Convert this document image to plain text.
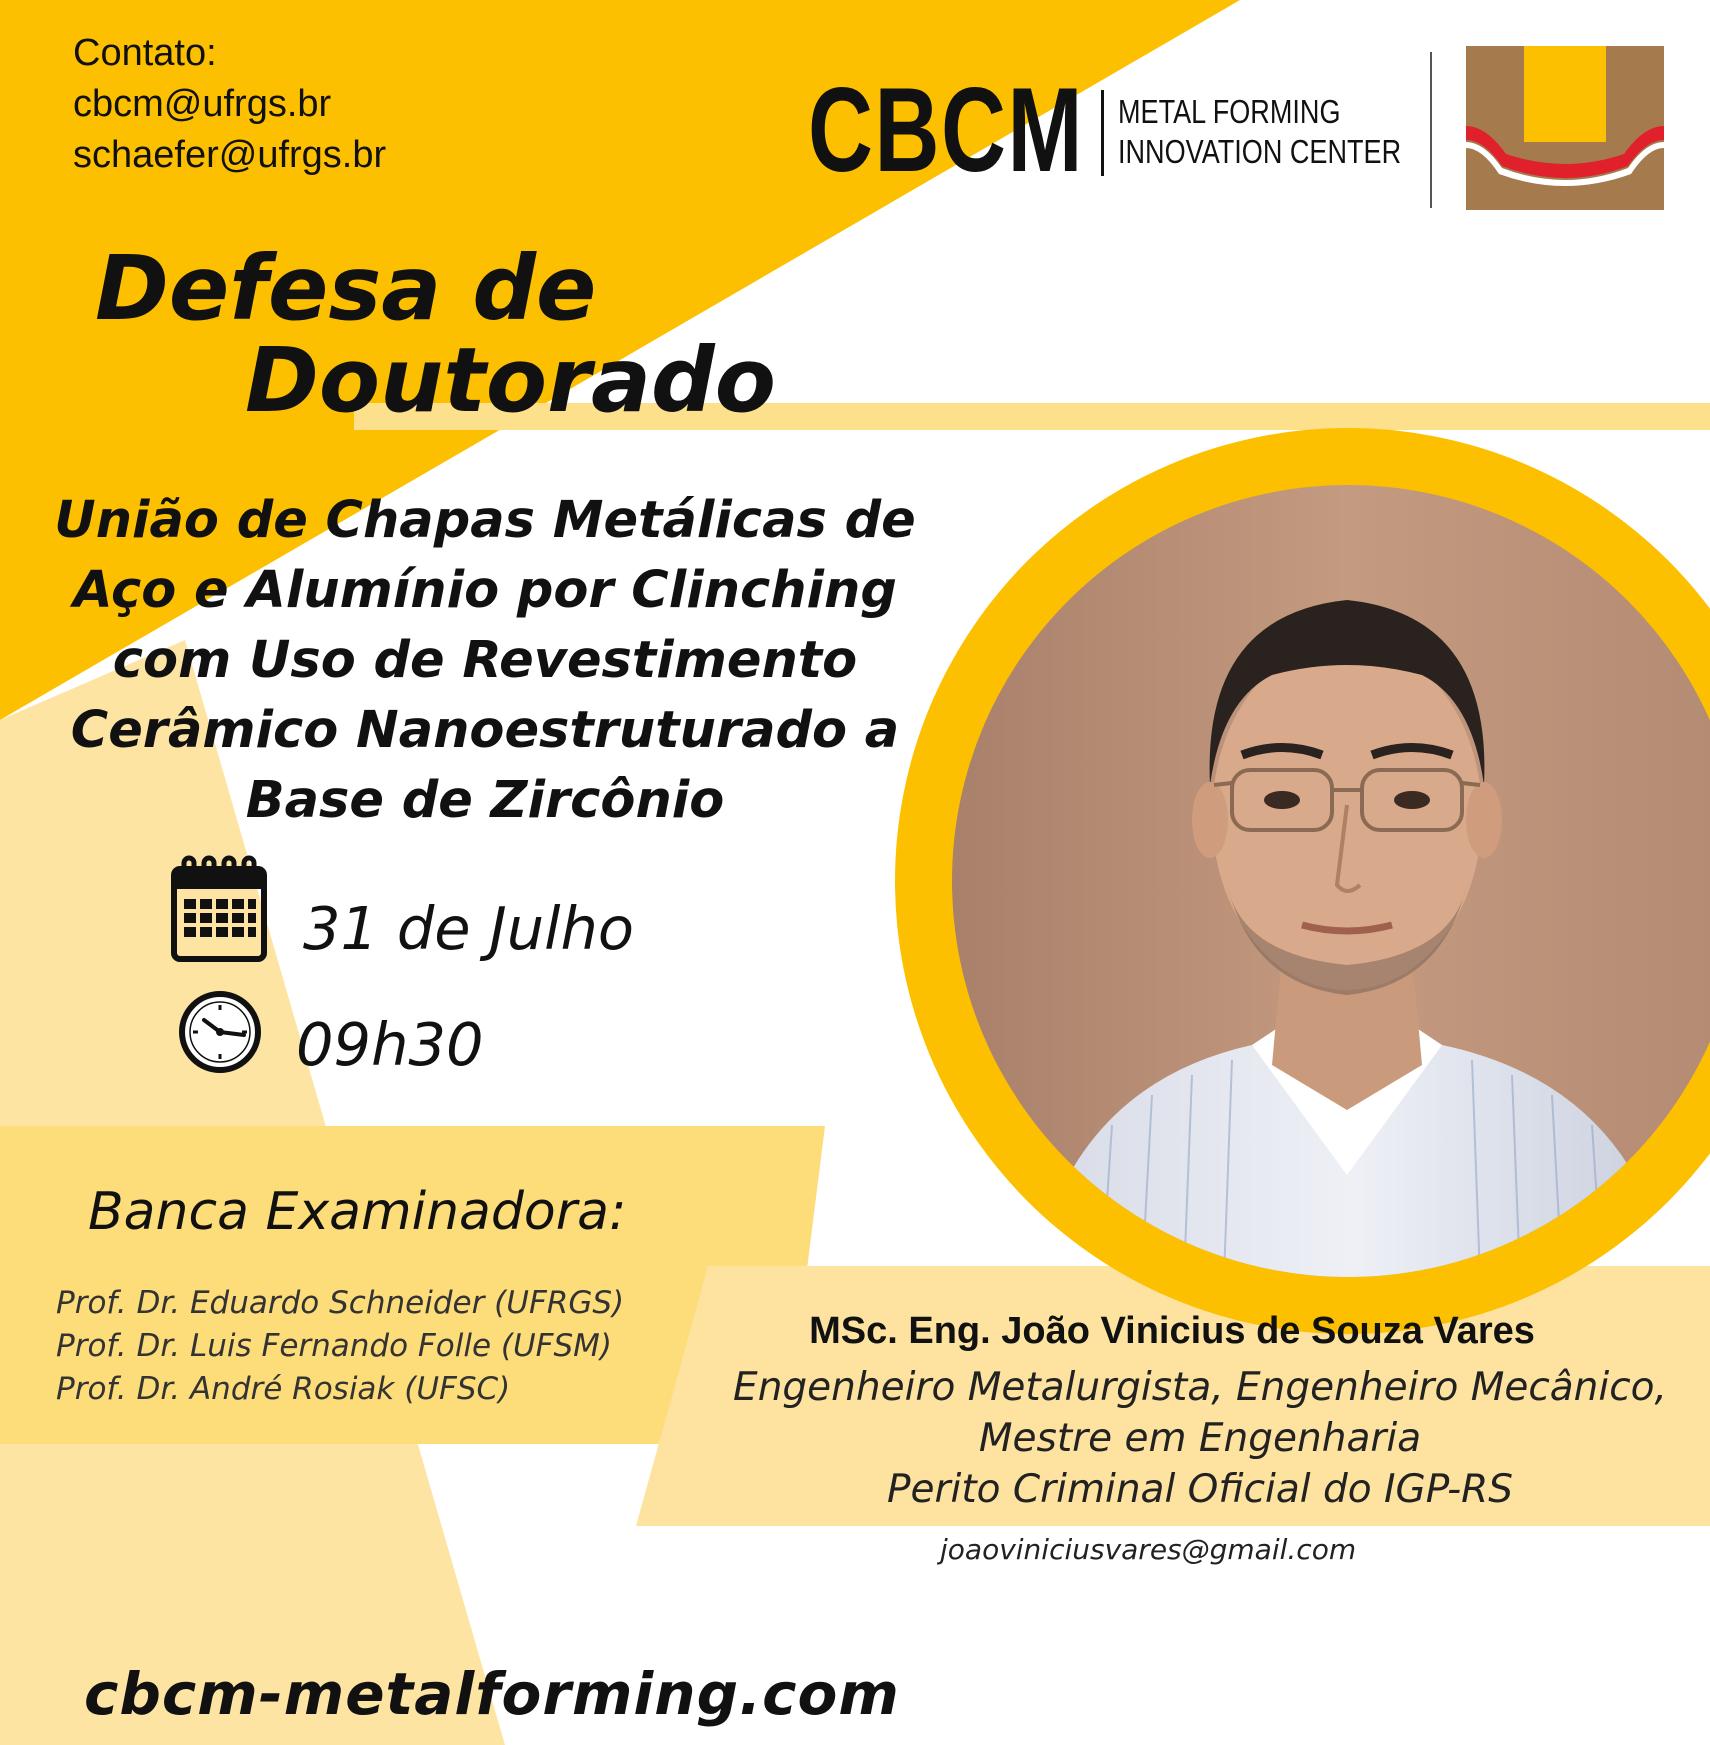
Contato:
cbcm@ufrgs.br
schaefer@ufrgs.br	CBCM METAL FORMING
INNOVATION CENTER
Defesa de
Doutorado
União de Chapas Metálicas de
Aço e Alumínio por Clinching
com Uso de Revestimento
Cerâmico Nanoestruturado a
Base de Zircônio
31 de Julho
09h30
Banca Examinadora:
Prof. Dr. Eduardo Schneider (UFRGS)
Prof. Dr. Luis Fernando Folle (UFSM)
Prof. Dr. André Rosiak (UFSC)
MSc. Eng. João Vinicius de Souza Vares
Engenheiro Metalurgista, Engenheiro Mecânico,
Mestre em Engenharia
Perito Criminal Oficial do IGP-RS
joaoviniciusvares@gmail.com
cbcm-metalforming.com
